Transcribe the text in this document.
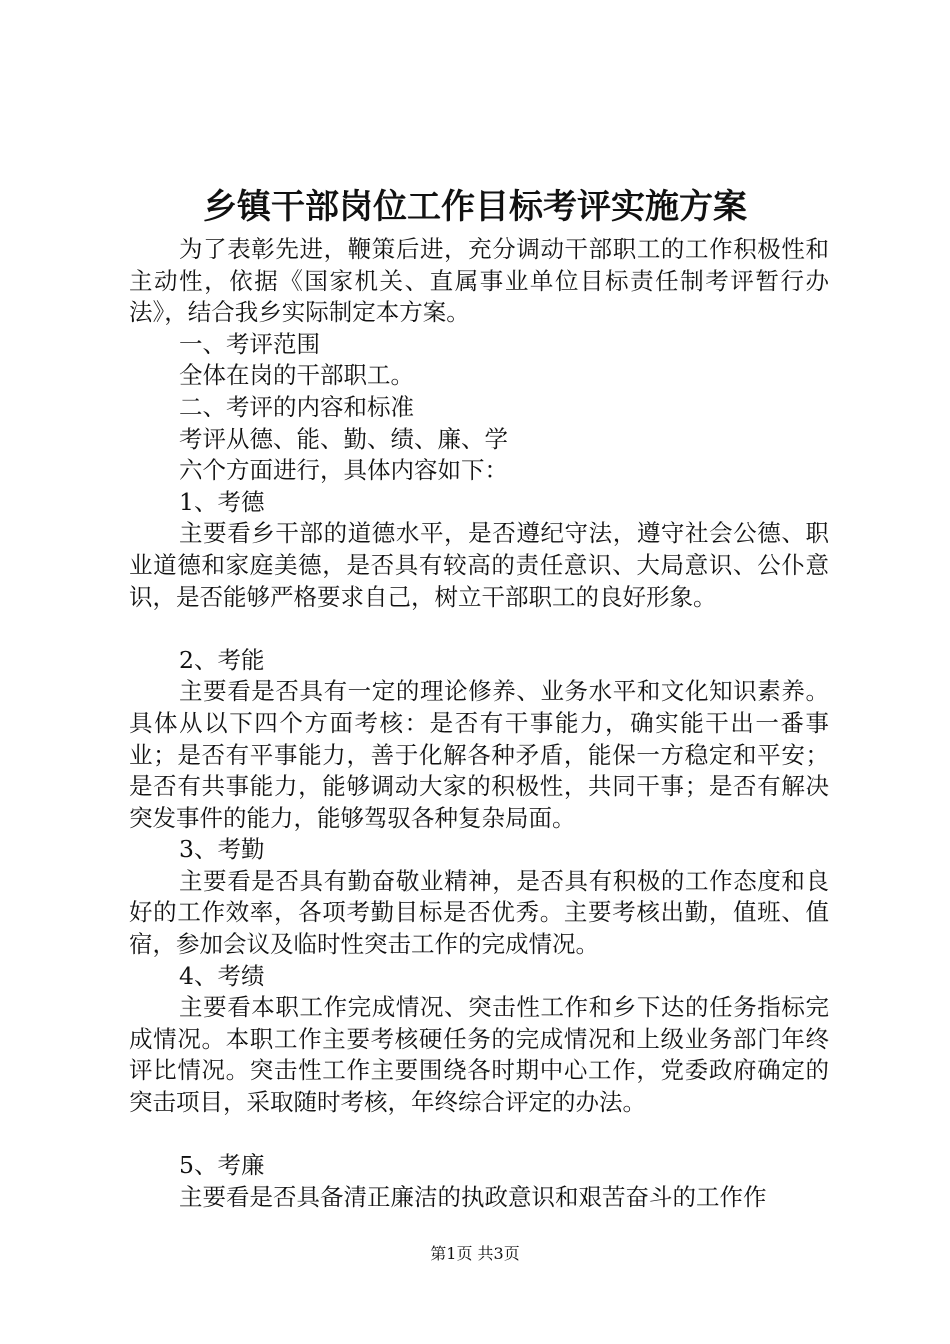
乡镇干部岗位工作目标考评实施方案

为了表彰先进，鞭策后进，充分调动干部职工的工作积极性和主动性，依据《国家机关、直属事业单位目标责任制考评暂行办法》，结合我乡实际制定本方案。

一、考评范围

全体在岗的干部职工。

二、考评的内容和标准

考评从德、能、勤、绩、廉、学

六个方面进行，具体内容如下：

1、考德

主要看乡干部的道德水平，是否遵纪守法，遵守社会公德、职业道德和家庭美德，是否具有较高的责任意识、大局意识、公仆意识，是否能够严格要求自己，树立干部职工的良好形象。

2、考能

主要看是否具有一定的理论修养、业务水平和文化知识素养。具体从以下四个方面考核：是否有干事能力，确实能干出一番事业；是否有平事能力，善于化解各种矛盾，能保一方稳定和平安；是否有共事能力，能够调动大家的积极性，共同干事；是否有解决突发事件的能力，能够驾驭各种复杂局面。

3、考勤

主要看是否具有勤奋敬业精神，是否具有积极的工作态度和良好的工作效率，各项考勤目标是否优秀。主要考核出勤，值班、值宿，参加会议及临时性突击工作的完成情况。

4、考绩

主要看本职工作完成情况、突击性工作和乡下达的任务指标完成情况。本职工作主要考核硬任务的完成情况和上级业务部门年终评比情况。突击性工作主要围绕各时期中心工作，党委政府确定的突击项目，采取随时考核，年终综合评定的办法。

5、考廉

主要看是否具备清正廉洁的执政意识和艰苦奋斗的工作作

第1页 共3页
